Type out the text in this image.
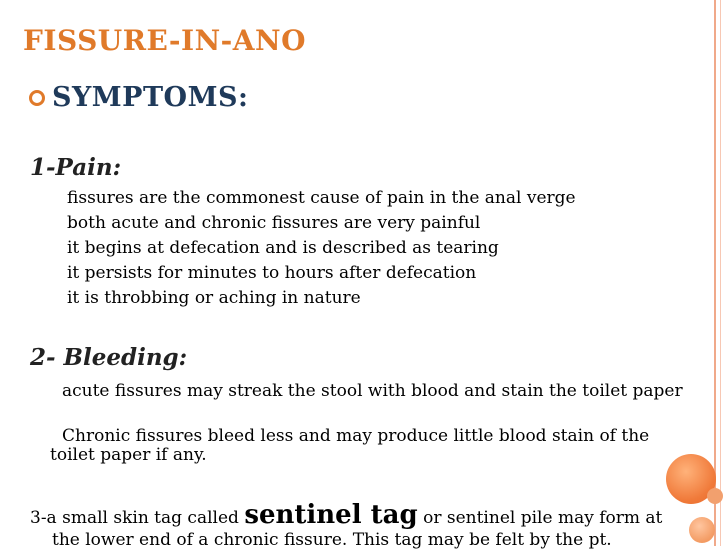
FISSURE-IN-ANO
SYMPTOMS:
1-Pain:
fissures are the commonest cause of pain in the anal verge
both acute and chronic fissures are very painful
it begins at defecation and is described as tearing
it persists for minutes to hours after defecation
it is throbbing or aching in nature
2- Bleeding:

acute fissures may streak the stool with blood and stain the toilet paper

Chronic fissures bleed less and may produce little blood stain of the toilet paper if any.

3-a small skin tag called sentinel tag or sentinel pile may form at
the lower end of a chronic fissure. This tag may be felt by the pt.
